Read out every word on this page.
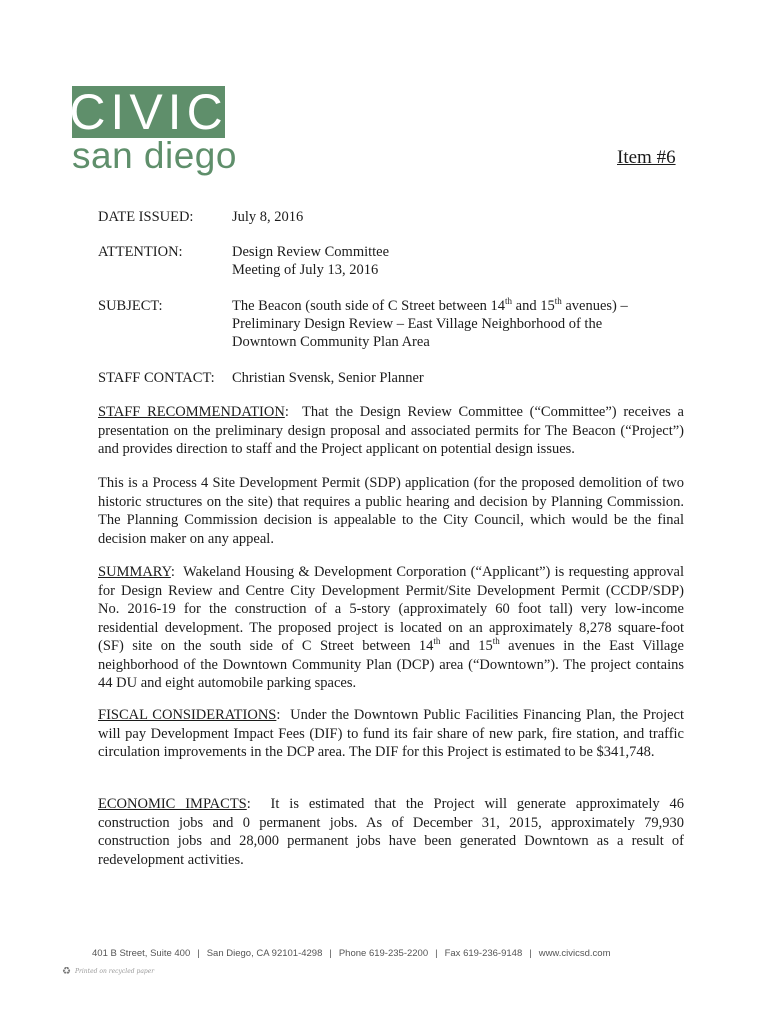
CIVIC
san diego	Item #6
DATE ISSUED:	July 8, 2016
ATTENTION:	Design Review Committee
Meeting of July 13, 2016
SUBJECT:	The Beacon (south side of C Street between 14th and 15th avenues) –
Preliminary Design Review – East Village Neighborhood of the
Downtown Community Plan Area
STAFF CONTACT: Christian Svensk, Senior Planner
STAFF RECOMMENDATION:  That the Design Review Committee (“Committee”) receives a presentation on the preliminary design proposal and associated permits for The Beacon (“Project”) and provides direction to staff and the Project applicant on potential design issues.
This is a Process 4 Site Development Permit (SDP) application (for the proposed demolition of two historic structures on the site) that requires a public hearing and decision by Planning Commission. The Planning Commission decision is appealable to the City Council, which would be the final decision maker on any appeal.
SUMMARY:  Wakeland Housing & Development Corporation (“Applicant”) is requesting approval for Design Review and Centre City Development Permit/Site Development Permit (CCDP/SDP) No. 2016-19 for the construction of a 5-story (approximately 60 foot tall) very low-income residential development. The proposed project is located on an approximately 8,278 square-foot (SF) site on the south side of C Street between 14th and 15th avenues in the East Village neighborhood of the Downtown Community Plan (DCP) area (“Downtown”). The project contains 44 DU and eight automobile parking spaces.
FISCAL CONSIDERATIONS:  Under the Downtown Public Facilities Financing Plan, the Project will pay Development Impact Fees (DIF) to fund its fair share of new park, fire station, and traffic circulation improvements in the DCP area. The DIF for this Project is estimated to be $341,748.
ECONOMIC IMPACTS:  It is estimated that the Project will generate approximately 46 construction jobs and 0 permanent jobs. As of December 31, 2015, approximately 79,930 construction jobs and 28,000 permanent jobs have been generated Downtown as a result of redevelopment activities.
401 B Street, Suite 400 | San Diego, CA 92101-4298 | Phone 619-235-2200 | Fax 619-236-9148 | www.civicsd.com
♻ Printed on recycled paper
